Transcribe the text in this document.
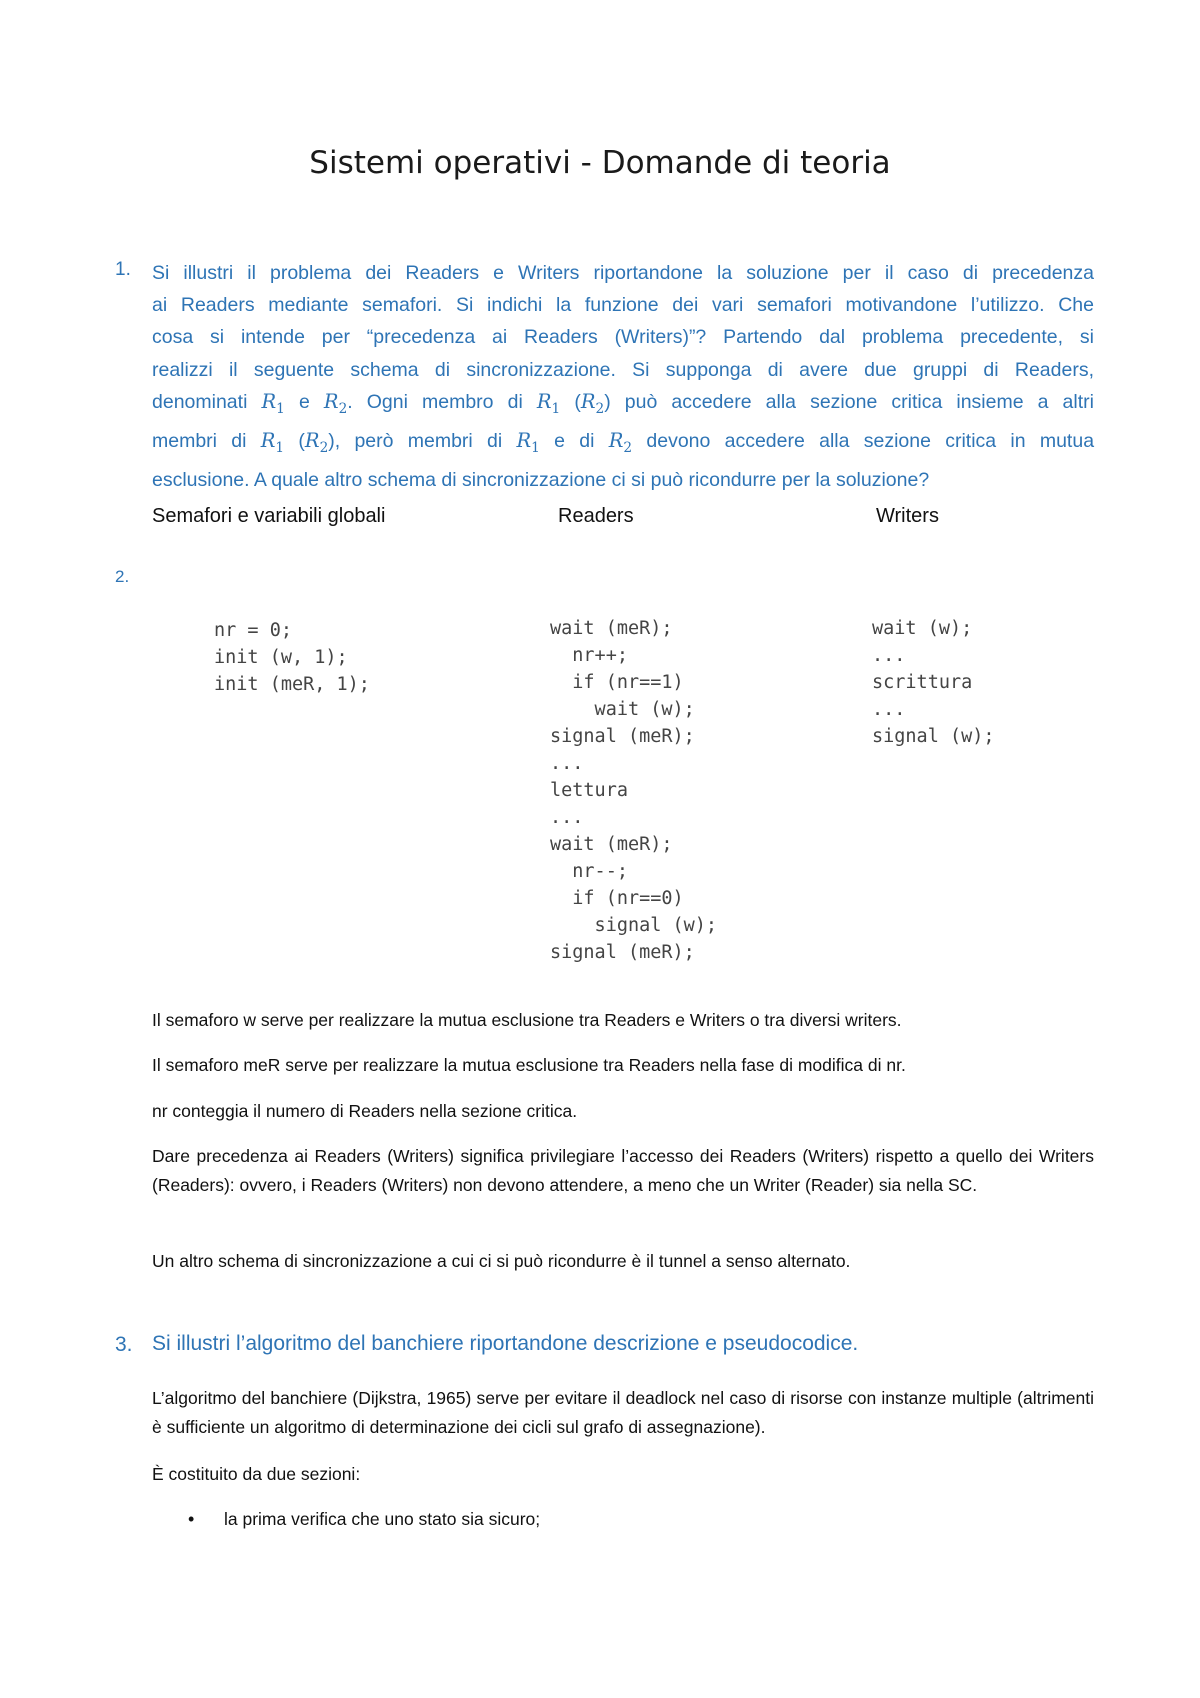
Sistemi operativi - Domande di teoria
1. Si illustri il problema dei Readers e Writers riportandone la soluzione per il caso di precedenza
ai Readers mediante semafori. Si indichi la funzione dei vari semafori motivandone l’utilizzo. Che
cosa si intende per “precedenza ai Readers (Writers)”? Partendo dal problema precedente, si
realizzi il seguente schema di sincronizzazione. Si supponga di avere due gruppi di Readers,
denominati $R_1$ e $R_2$. Ogni membro di $R_1$ $(R_2)$ può accedere alla sezione critica insieme a altri
membri di $R_1$ $(R_2)$, però membri di $R_1$ e di $R_2$ devono accedere alla sezione critica in mutua
esclusione. A quale altro schema di sincronizzazione ci si può ricondurre per la soluzione?
Semafori e variabili globali	Readers	Writers
2.
nr = 0;
init (w, 1);
init (meR, 1);
wait (meR);
nr++;
if (nr==1)
wait (w);
signal (meR);
...
lettura
...
wait (meR);
nr--;
if (nr==0)
signal (w);
signal (meR);
wait (w);
...
scrittura
...
signal (w);

Il semaforo w serve per realizzare la mutua esclusione tra Readers e Writers o tra diversi writers.

Il semaforo meR serve per realizzare la mutua esclusione tra Readers nella fase di modifica di nr.

nr conteggia il numero di Readers nella sezione critica.

Dare precedenza ai Readers (Writers) significa privilegiare l’accesso dei Readers (Writers) rispetto a quello dei Writers (Readers): ovvero, i Readers (Writers) non devono attendere, a meno che un Writer (Reader) sia nella SC.

Un altro schema di sincronizzazione a cui ci si può ricondurre è il tunnel a senso alternato.

3. Si illustri l’algoritmo del banchiere riportandone descrizione e pseudocodice.

L’algoritmo del banchiere (Dijkstra, 1965) serve per evitare il deadlock nel caso di risorse con instanze multiple (altrimenti è sufficiente un algoritmo di determinazione dei cicli sul grafo di assegnazione).

È costituito da due sezioni:

• la prima verifica che uno stato sia sicuro;
